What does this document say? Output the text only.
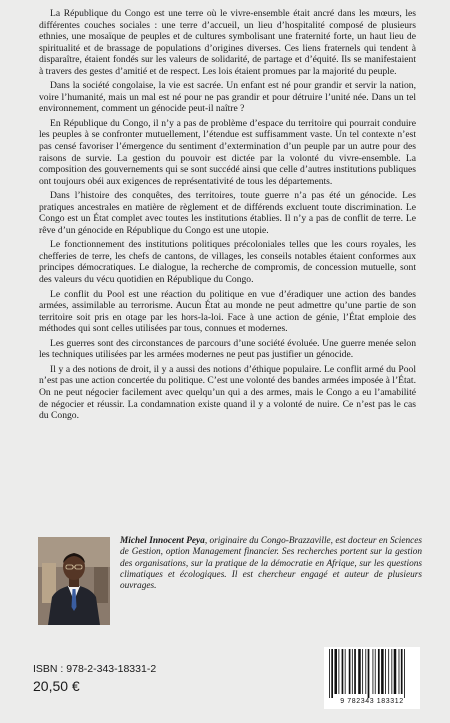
La République du Congo est une terre où le vivre-ensemble était ancré dans les mœurs, les différentes couches sociales : une terre d’accueil, un lieu d’hospitalité composé de plusieurs ethnies, une mosaïque de peuples et de cultures symbolisant une fraternité forte, un haut lieu de spiritualité et de brassage de populations d’origines diverses. Ces liens fraternels qui tendent à disparaître, étaient fondés sur les valeurs de solidarité, de partage et d’équité. Ils se manifestaient à travers des gestes d’amitié et de respect. Les lois étaient promues par la majorité du peuple.

Dans la société congolaise, la vie est sacrée. Un enfant est né pour grandir et servir la nation, voire l’humanité, mais un mal est né pour ne pas grandir et pour détruire l’unité née. Dans un tel environnement, comment un génocide peut-il naître ?

En République du Congo, il n’y a pas de problème d’espace du territoire qui pourrait conduire les peuples à se confronter mutuellement, l’étendue est suffisamment vaste. Un tel contexte n’est pas censé favoriser l’émergence du sentiment d’extermination d’un peuple par un autre pour des raisons de survie. La gestion du pouvoir est dictée par la volonté du vivre-ensemble. La composition des gouvernements qui se sont succédé ainsi que celle d’autres institutions publiques ont toujours obéi aux exigences de représentativité de tous les départements.

Dans l’histoire des conquêtes, des territoires, toute guerre n’a pas été un génocide. Les pratiques ancestrales en matière de règlement et de différends excluent toute discrimination. Le Congo est un État complet avec toutes les institutions établies. Il n’y a pas de conflit de terre. Le rêve d’un génocide en République du Congo est une utopie.

Le fonctionnement des institutions politiques précoloniales telles que les cours royales, les chefferies de terre, les chefs de cantons, de villages, les conseils notables étaient conformes aux principes démocratiques. Le dialogue, la recherche de compromis, de concession mutuelle, sont des valeurs du vécu quotidien en République du Congo.

Le conflit du Pool est une réaction du politique en vue d’éradiquer une action des bandes armées, assimilable au terrorisme. Aucun État au monde ne peut admettre qu’une partie de son territoire soit pris en otage par les hors-la-loi. Face à une action de génie, l’État emploie des méthodes qui sont celles utilisées par tous, connues et modernes.

Les guerres sont des circonstances de parcours d’une société évoluée. Une guerre menée selon les techniques utilisées par les armées modernes ne peut pas justifier un génocide.

Il y a des notions de droit, il y a aussi des notions d’éthique populaire. Le conflit armé du Pool n’est pas une action concertée du politique. C’est une volonté des bandes armées imposée à l’État. On ne peut négocier facilement avec quelqu’un qui a des armes, mais le Congo a eu l’amabilité de négocier et réussir. La condamnation existe quand il y a volonté de nuire. Ce n’est pas le cas du Congo.

Michel Innocent Peya, originaire du Congo-Brazzaville, est docteur en Sciences de Gestion, option Management financier. Ses recherches portent sur la gestion des organisations, sur la pratique de la démocratie en Afrique, sur les questions climatiques et écologiques. Il est chercheur engagé et auteur de plusieurs ouvrages.
ISBN : 978-2-343-18331-2
20,50 €
9 782343 183312
